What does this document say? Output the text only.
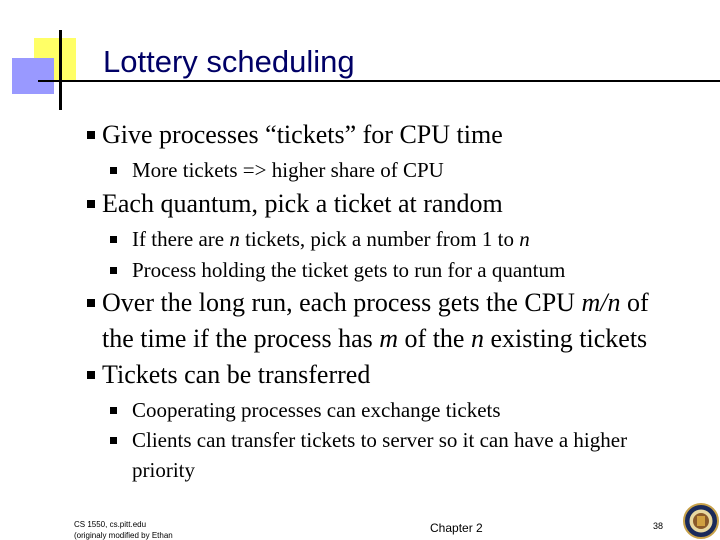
Lottery scheduling
Give processes “tickets” for CPU time
More tickets => higher share of CPU
Each quantum, pick a ticket at random
If there are n tickets, pick a number from 1 to n
Process holding the ticket gets to run for a quantum
Over the long run, each process gets the CPU m/n of
the time if the process has m of the n existing tickets
Tickets can be transferred
Cooperating processes can exchange tickets
Clients can transfer tickets to server so it can have a higher
priority
CS 1550, cs.pitt.edu
(originaly modified by Ethan
Chapter 2	38
